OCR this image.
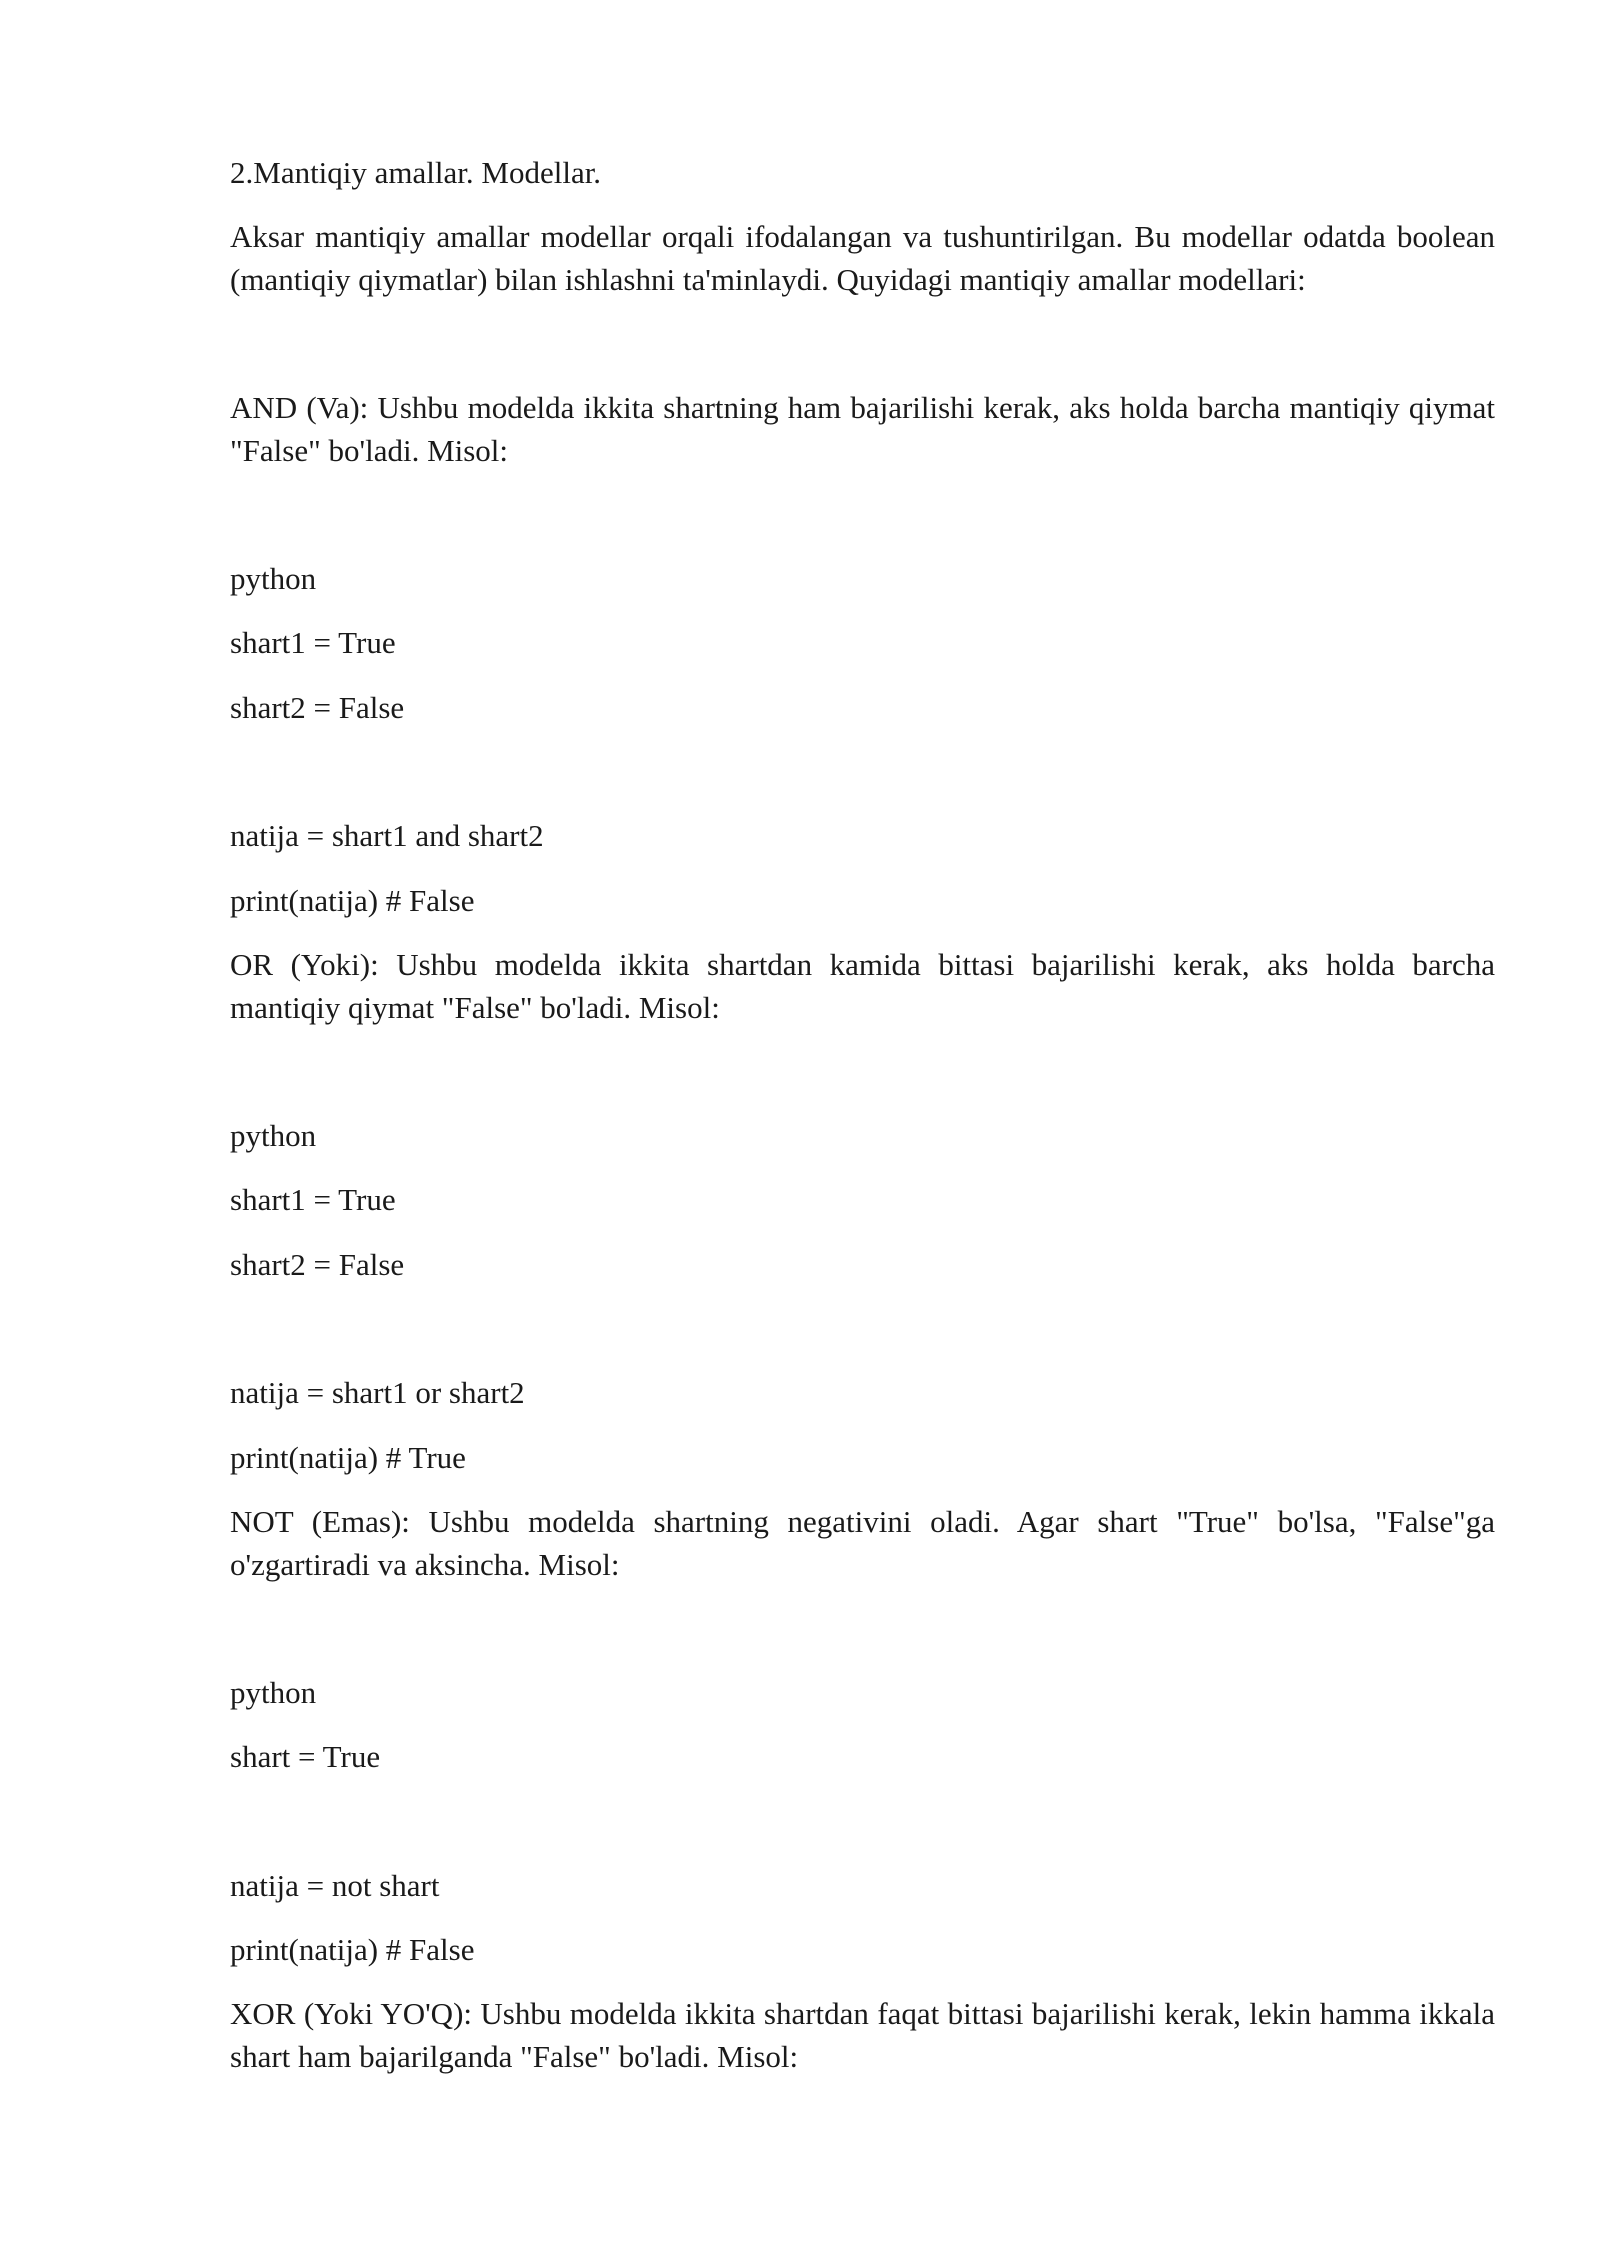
2.Mantiqiy amallar. Modellar.
Aksar mantiqiy amallar modellar orqali ifodalangan va tushuntirilgan. Bu modellar odatda boolean (mantiqiy qiymatlar) bilan ishlashni ta'minlaydi. Quyidagi mantiqiy amallar modellari:
AND (Va): Ushbu modelda ikkita shartning ham bajarilishi kerak, aks holda barcha mantiqiy qiymat "False" bo'ladi. Misol:
python
shart1 = True
shart2 = False
natija = shart1 and shart2
print(natija) # False
OR (Yoki): Ushbu modelda ikkita shartdan kamida bittasi bajarilishi kerak, aks holda barcha mantiqiy qiymat "False" bo'ladi. Misol:
python
shart1 = True
shart2 = False
natija = shart1 or shart2
print(natija) # True
NOT (Emas): Ushbu modelda shartning negativini oladi. Agar shart "True" bo'lsa, "False"ga o'zgartiradi va aksincha. Misol:
python
shart = True
natija = not shart
print(natija) # False
XOR (Yoki YO'Q): Ushbu modelda ikkita shartdan faqat bittasi bajarilishi kerak, lekin hamma ikkala shart ham bajarilganda "False" bo'ladi. Misol:
